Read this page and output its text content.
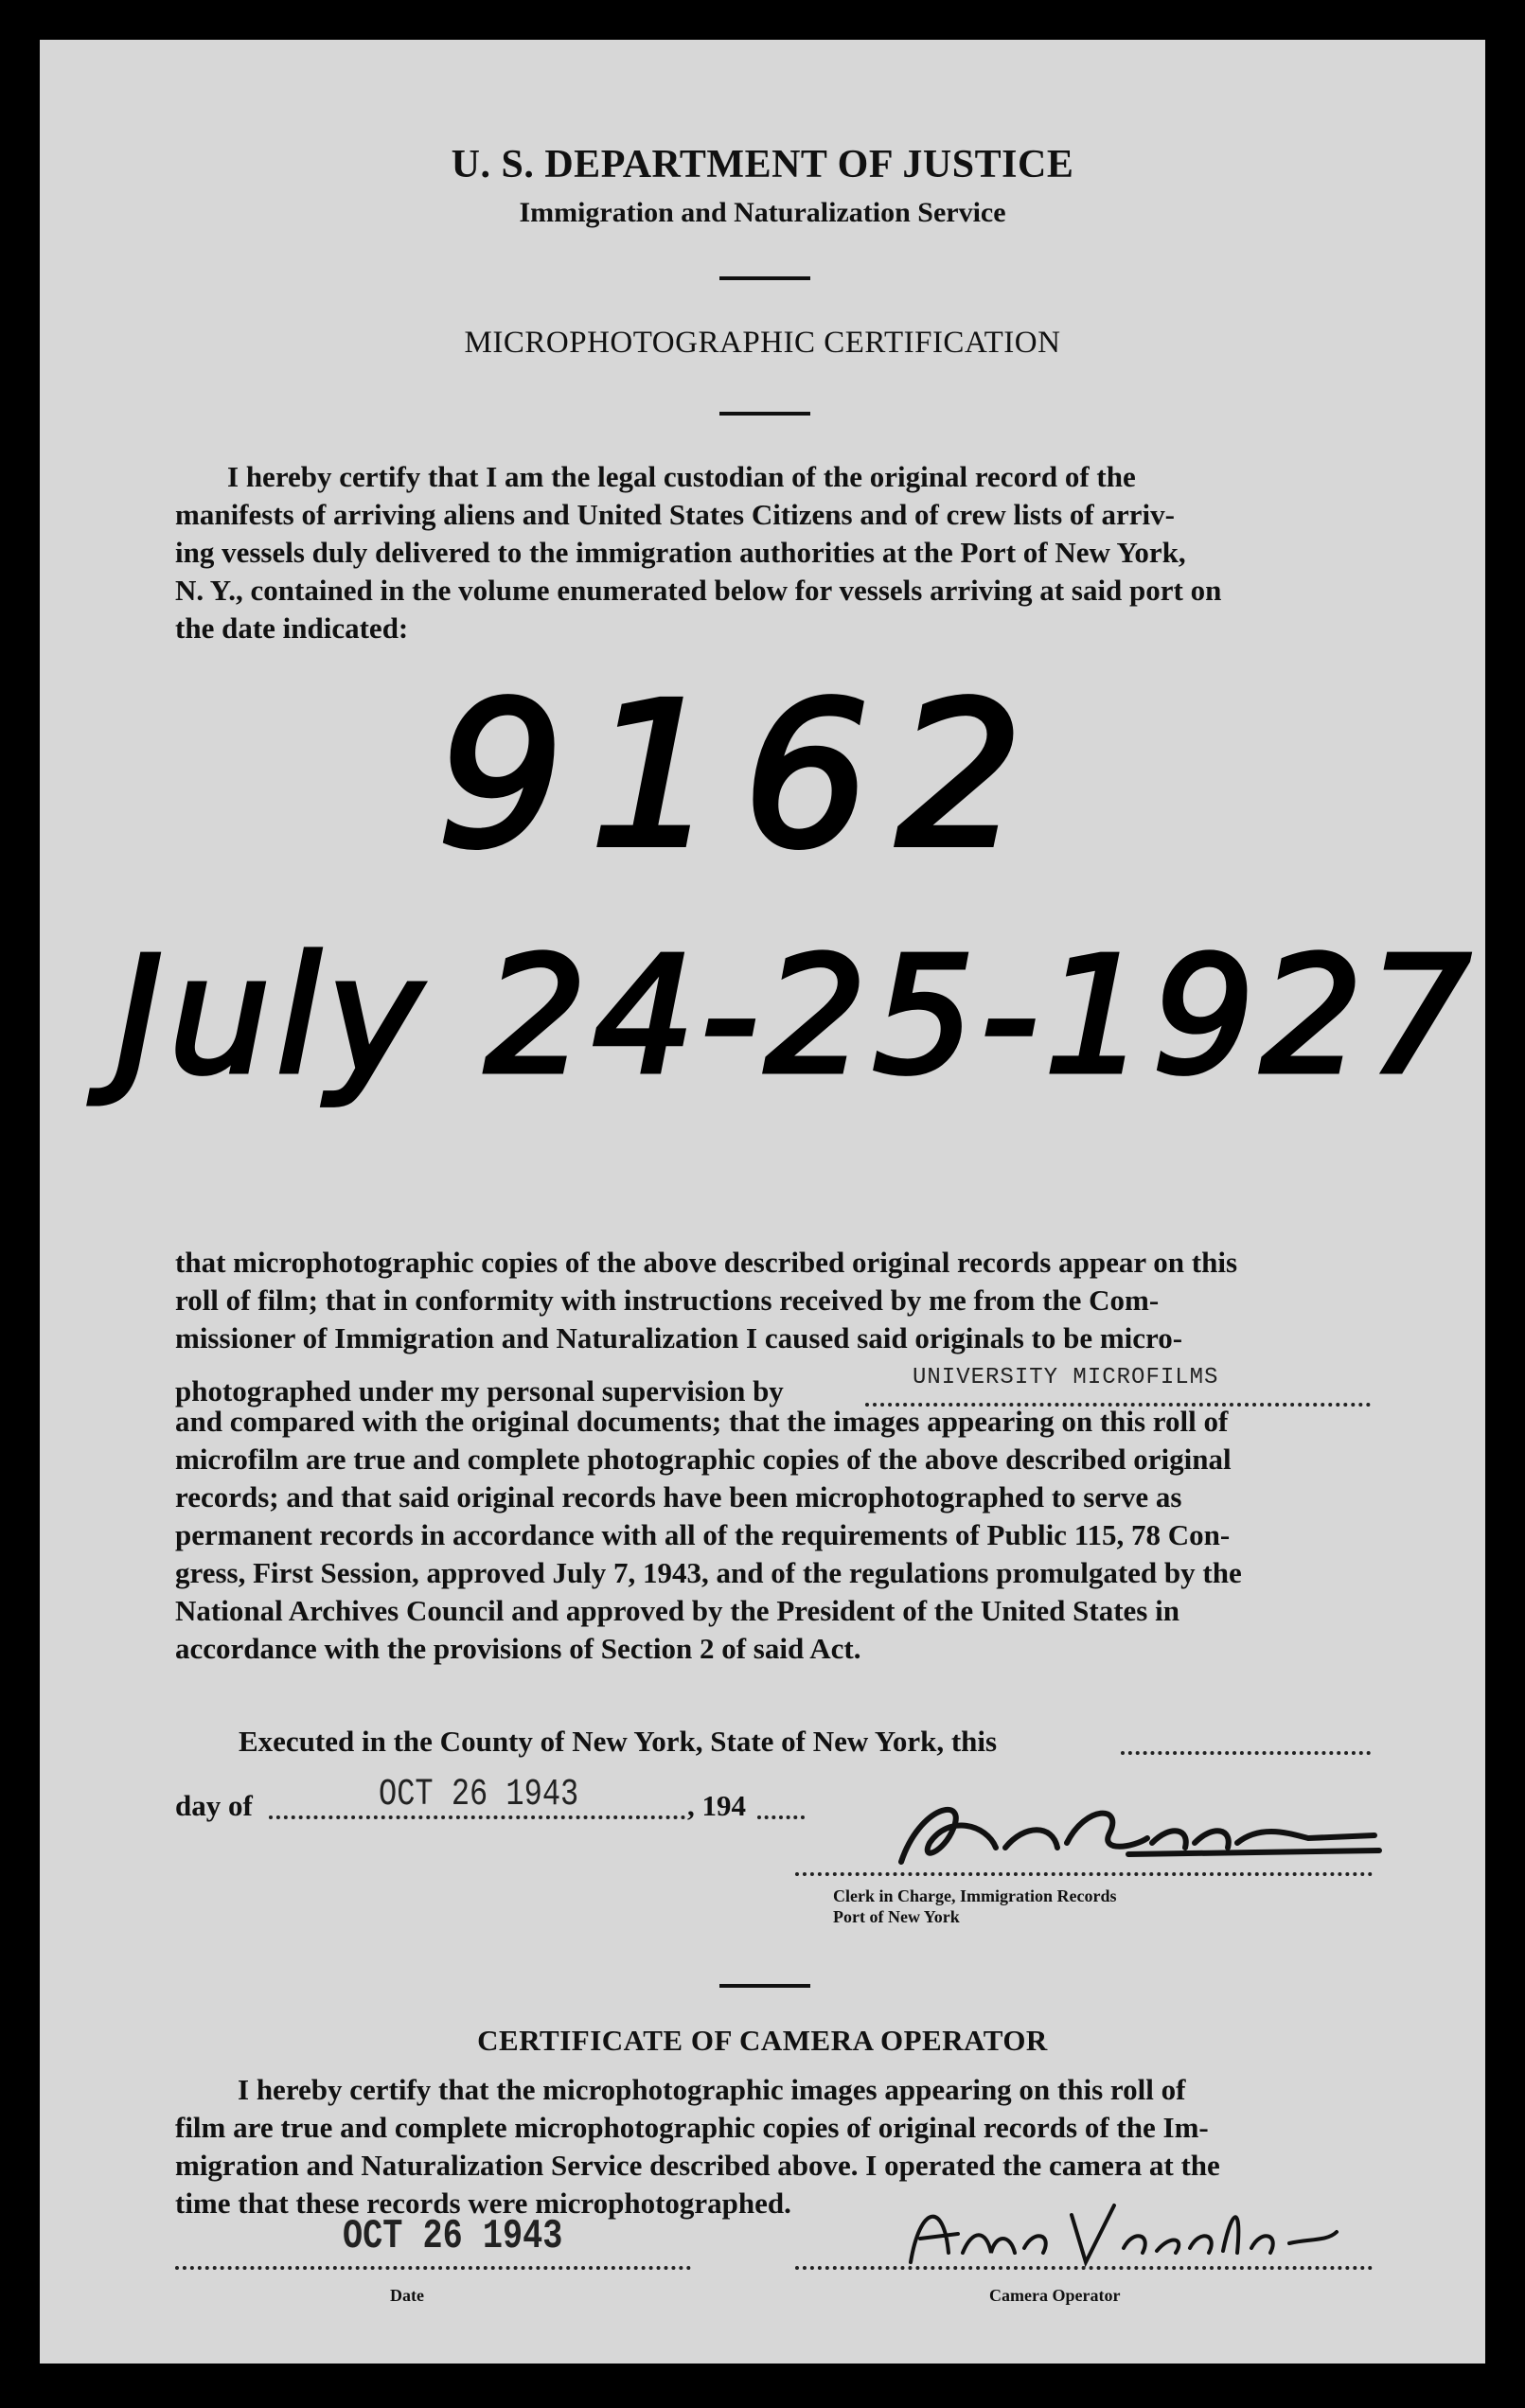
U. S. DEPARTMENT OF JUSTICE
Immigration and Naturalization Service
MICROPHOTOGRAPHIC CERTIFICATION
I hereby certify that I am the legal custodian of the original record of the
manifests of arriving aliens and United States Citizens and of crew lists of arriv-
ing vessels duly delivered to the immigration authorities at the Port of New York,
N. Y., contained in the volume enumerated below for vessels arriving at said port on
the date indicated:
9162
July 24-25-1927
that microphotographic copies of the above described original records appear on this
roll of film; that in conformity with instructions received by me from the Com-
missioner of Immigration and Naturalization I caused said originals to be micro-
photographed under my personal supervision by	UNIVERSITY MICROFILMS
and compared with the original documents; that the images appearing on this roll of
microfilm are true and complete photographic copies of the above described original
records; and that said original records have been microphotographed to serve as
permanent records in accordance with all of the requirements of Public 115, 78 Con-
gress, First Session, approved July 7, 1943, and of the regulations promulgated by the
National Archives Council and approved by the President of the United States in
accordance with the provisions of Section 2 of said Act.
Executed in the County of New York, State of New York, this
day of	OCT 26 1943	, 194
Clerk in Charge, Immigration Records
Port of New York
CERTIFICATE OF CAMERA OPERATOR
I hereby certify that the microphotographic images appearing on this roll of
film are true and complete microphotographic copies of original records of the Im-
migration and Naturalization Service described above. I operated the camera at the
time that these records were microphotographed.
OCT 26 1943
Date	Camera Operator
